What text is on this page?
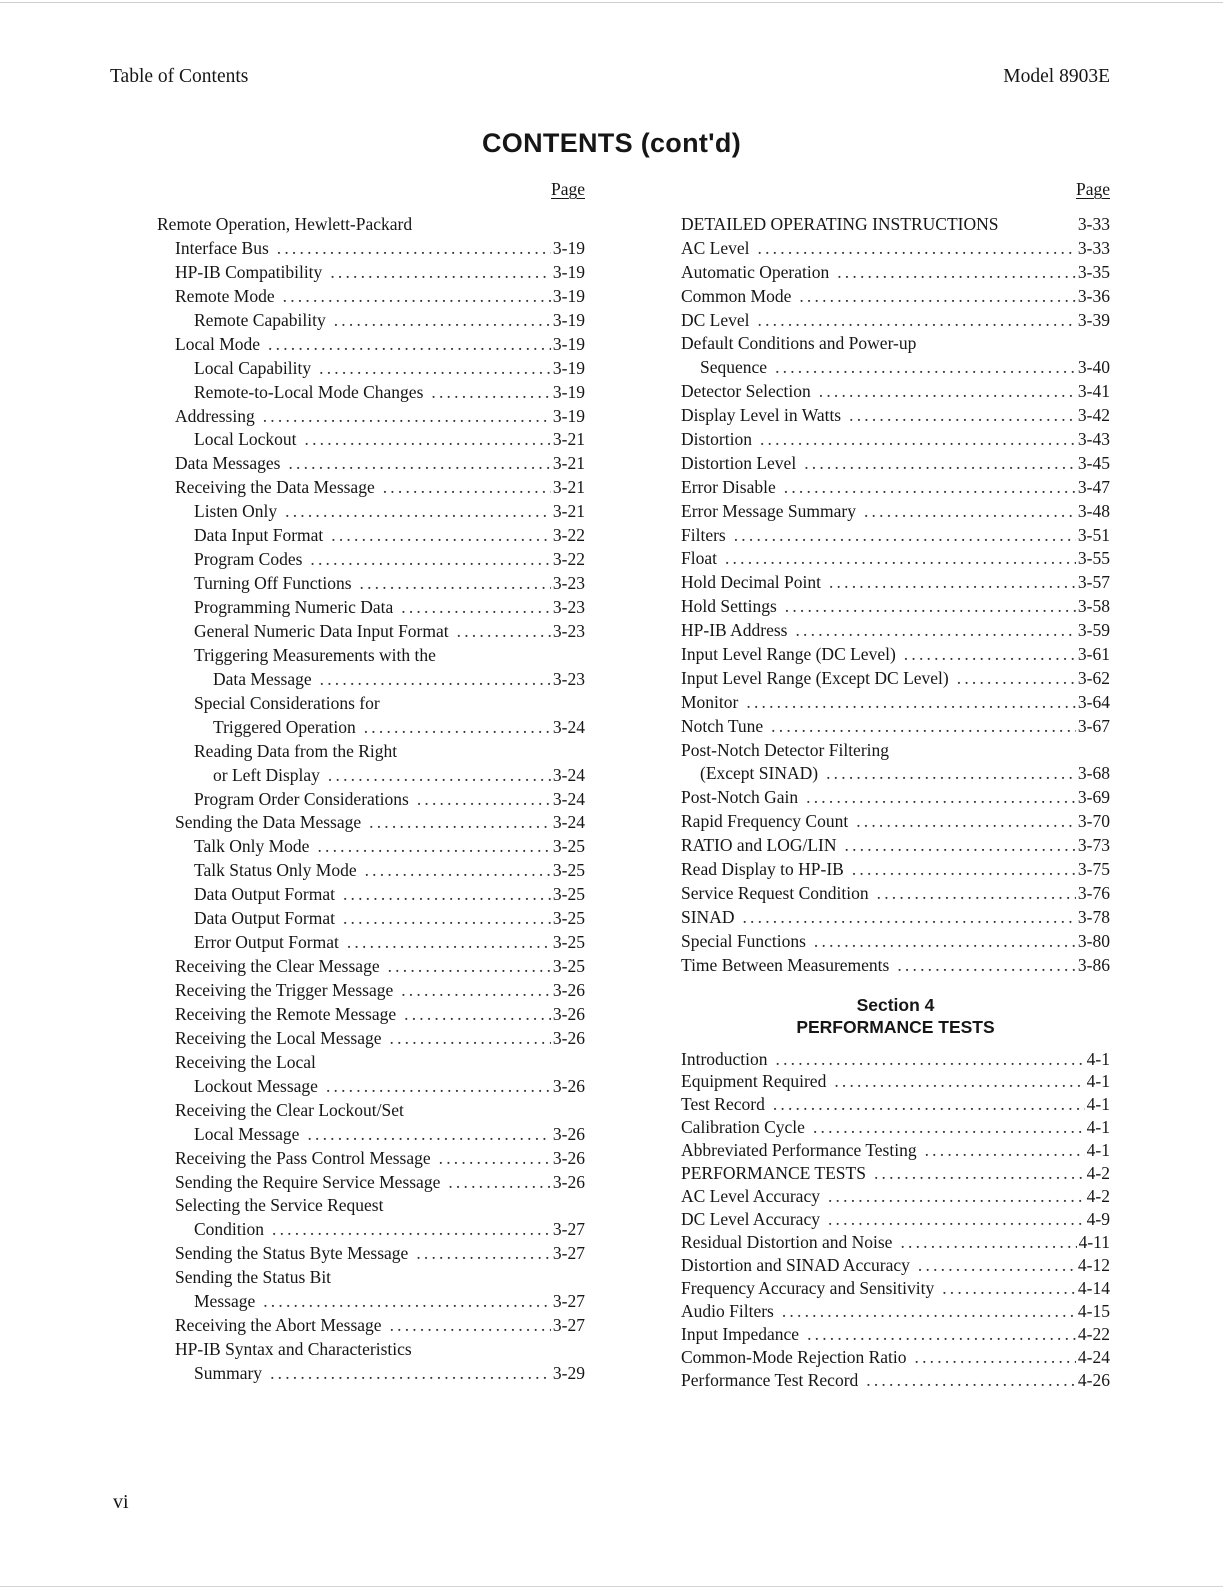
Table of Contents	Model 8903E
CONTENTS (cont'd)
Page
Remote Operation, Hewlett-Packard
Interface Bus .....	3-19
HP-IB Compatibility .....	3-19
Remote Mode .....	3-19
Remote Capability .....	3-19
Local Mode .....	3-19
Local Capability .....	3-19
Remote-to-Local Mode Changes .....	3-19
Addressing .....	3-19
Local Lockout .....	3-21
Data Messages .....	3-21
Receiving the Data Message .....	3-21
Listen Only .....	3-21
Data Input Format .....	3-22
Program Codes .....	3-22
Turning Off Functions .....	3-23
Programming Numeric Data .....	3-23
General Numeric Data Input Format .....	3-23
Triggering Measurements with the
Data Message .....	3-23
Special Considerations for
Triggered Operation .....	3-24
Reading Data from the Right
or Left Display .....	3-24
Program Order Considerations .....	3-24
Sending the Data Message .....	3-24
Talk Only Mode .....	3-25
Talk Status Only Mode .....	3-25
Data Output Format .....	3-25
Data Output Format .....	3-25
Error Output Format .....	3-25
Receiving the Clear Message .....	3-25
Receiving the Trigger Message .....	3-26
Receiving the Remote Message .....	3-26
Receiving the Local Message .....	3-26
Receiving the Local
Lockout Message .....	3-26
Receiving the Clear Lockout/Set
Local Message .....	3-26
Receiving the Pass Control Message .....	3-26
Sending the Require Service Message .....	3-26
Selecting the Service Request
Condition .....	3-27
Sending the Status Byte Message .....	3-27
Sending the Status Bit
Message .....	3-27
Receiving the Abort Message .....	3-27
HP-IB Syntax and Characteristics
Summary .....	3-29
Page
DETAILED OPERATING INSTRUCTIONS	3-33
AC Level .....	3-33
Automatic Operation .....	3-35
Common Mode .....	3-36
DC Level .....	3-39
Default Conditions and Power-up
Sequence .....	3-40
Detector Selection .....	3-41
Display Level in Watts .....	3-42
Distortion .....	3-43
Distortion Level .....	3-45
Error Disable .....	3-47
Error Message Summary .....	3-48
Filters .....	3-51
Float .....	3-55
Hold Decimal Point .....	3-57
Hold Settings .....	3-58
HP-IB Address .....	3-59
Input Level Range (DC Level) .....	3-61
Input Level Range (Except DC Level) .....	3-62
Monitor .....	3-64
Notch Tune .....	3-67
Post-Notch Detector Filtering
(Except SINAD) .....	3-68
Post-Notch Gain .....	3-69
Rapid Frequency Count .....	3-70
RATIO and LOG/LIN .....	3-73
Read Display to HP-IB .....	3-75
Service Request Condition .....	3-76
SINAD .....	3-78
Special Functions .....	3-80
Time Between Measurements .....	3-86
Section 4
PERFORMANCE TESTS
Introduction .....	4-1
Equipment Required .....	4-1
Test Record .....	4-1
Calibration Cycle .....	4-1
Abbreviated Performance Testing .....	4-1
PERFORMANCE TESTS .....	4-2
AC Level Accuracy .....	4-2
DC Level Accuracy .....	4-9
Residual Distortion and Noise .....	4-11
Distortion and SINAD Accuracy .....	4-12
Frequency Accuracy and Sensitivity .....	4-14
Audio Filters .....	4-15
Input Impedance .....	4-22
Common-Mode Rejection Ratio .....	4-24
Performance Test Record .....	4-26
vi
